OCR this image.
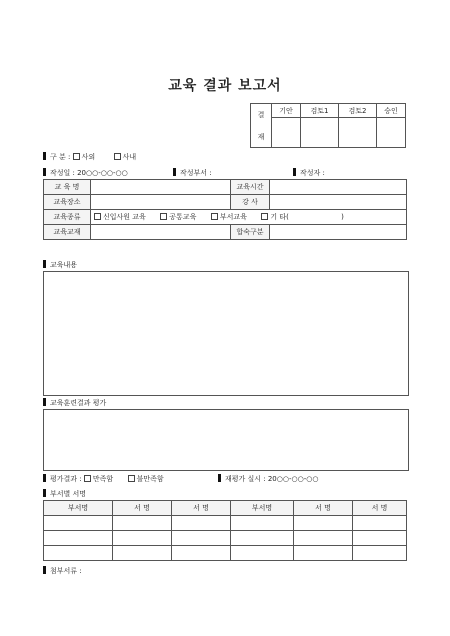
교육 결과 보고서
결
재	기안	검토1	검토2	승인

구 분 : 사외	사내
작성일 : 20○○-○○-○○	작성부서 :	작성자 :
교 육 명		교육시간	
교육장소		강 사	
교육종류	신입사원 교육 공통교육 부서교육 기 타( )		
교육교재		합숙구분	
교육내용
교육훈련결과 평가
평가결과 : 만족함	불만족함	재평가 실시 : 20○○-○○-○○
부서별 서명
부서명	서 명	서 명	부서명	서 명	서 명

첨부서류 :
